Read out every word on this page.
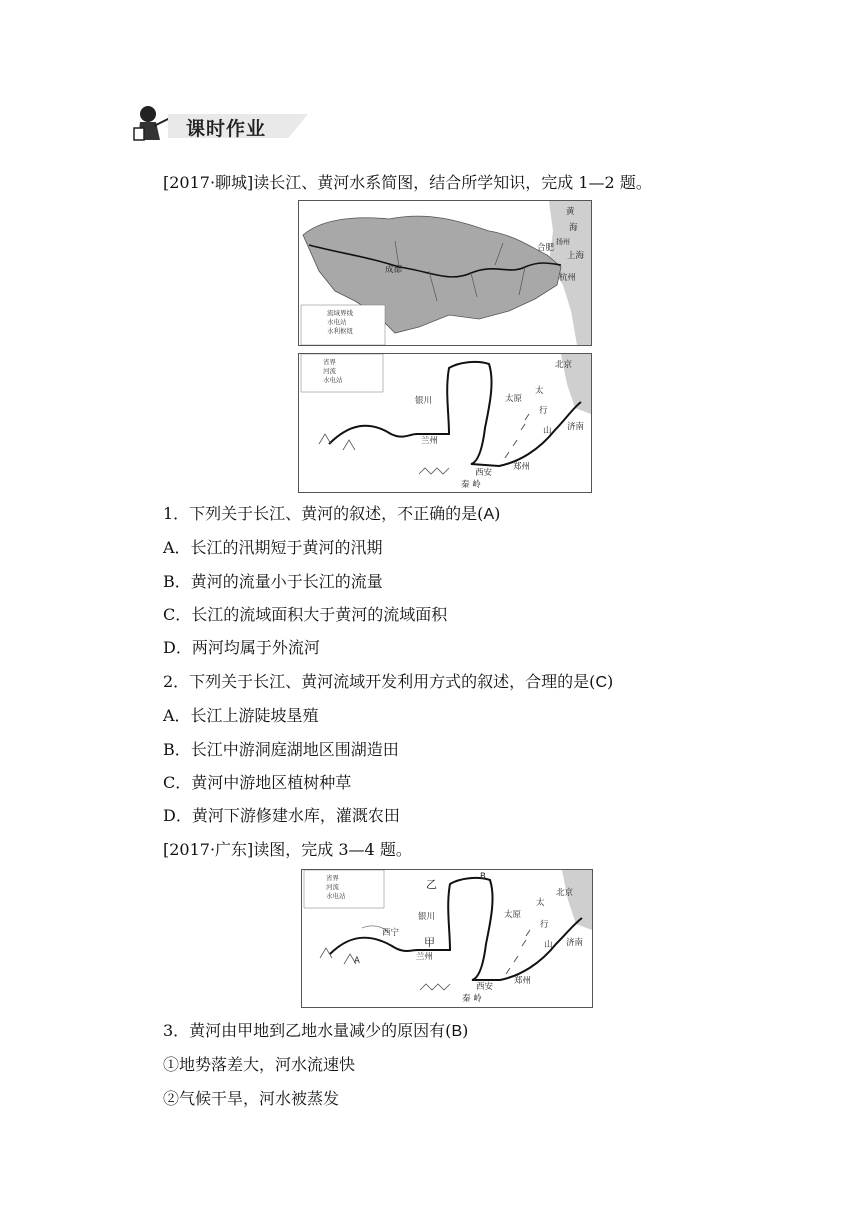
课时作业
[2017·聊城]读长江、黄河水系简图，结合所学知识，完成 1—2 题。
黄
海
合肥
扬州
上海
杭州
成都
流域界线
水电站
水利枢纽
省界
河流
水电站
北京
银川	太原
太
行
山
兰州
济南
西安
郑州
秦 岭
1．下列关于长江、黄河的叙述，不正确的是(A)
A．长江的汛期短于黄河的汛期
B．黄河的流量小于长江的流量
C．长江的流域面积大于黄河的流域面积
D．两河均属于外流河
2．下列关于长江、黄河流域开发利用方式的叙述，合理的是(C)
A．长江上游陡坡垦殖
B．长江中游洞庭湖地区围湖造田
C．黄河中游地区植树种草
D．黄河下游修建水库，灌溉农田
[2017·广东]读图，完成 3—4 题。
省界
河流
水电站
乙
B
北京
银川	太原
太
行
山
西宁
甲
兰州
A
济南
西安
郑州
秦 岭
3．黄河由甲地到乙地水量减少的原因有(B)
①地势落差大，河水流速快
②气候干旱，河水被蒸发
